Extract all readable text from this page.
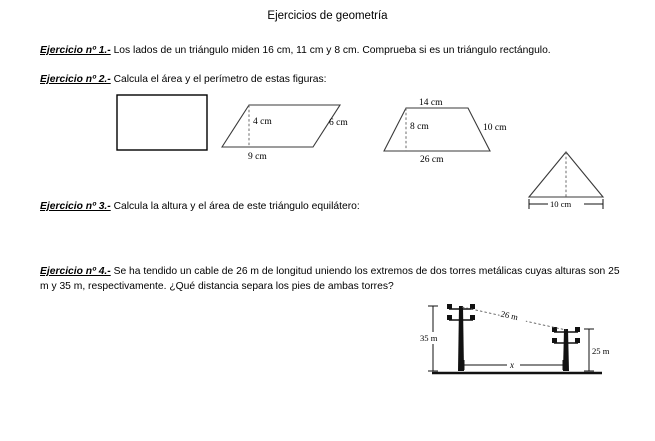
Ejercicios de geometría
Ejercicio nº 1.- Los lados de un triángulo miden 16 cm, 11 cm y 8 cm. Comprueba si es un triángulo rectángulo.
Ejercicio nº 2.- Calcula el área y el perímetro de estas figuras:
4 cm
9 cm
6 cm
14 cm
8 cm	10 cm
26 cm
10 cm
Ejercicio nº 3.- Calcula la altura y el área de este triángulo equilátero:
Ejercicio nº 4.- Se ha tendido un cable de 26 m de longitud uniendo los extremos de dos torres metálicas cuyas alturas son 25 m y 35 m, respectivamente. ¿Qué distancia separa los pies de ambas torres?
26 m
35 m
25 m
x
